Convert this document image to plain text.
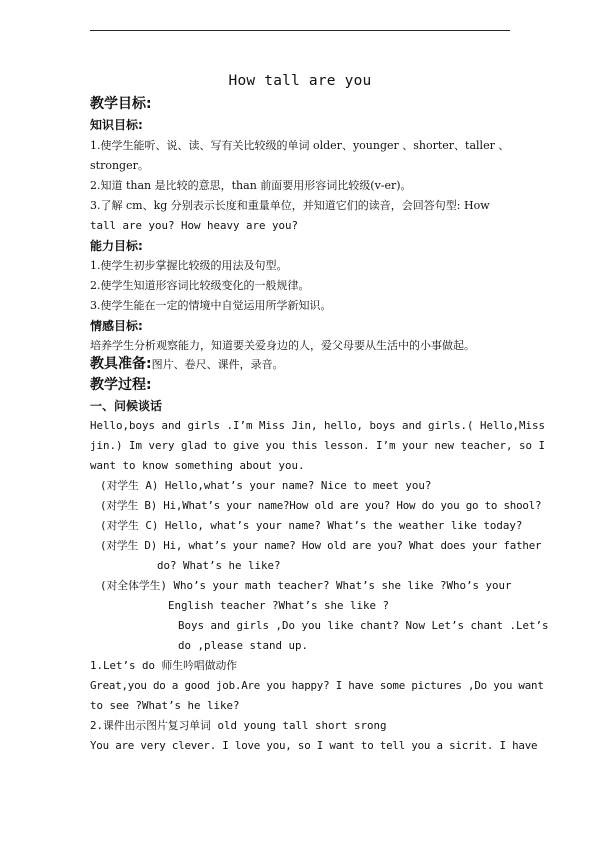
How tall are you
教学目标:
知识目标:
1.使学生能听、说、读、写有关比较级的单词 older、younger 、shorter、taller 、
stronger。
2.知道 than 是比较的意思，than 前面要用形容词比较级(v-er)。
3.了解 cm、kg 分别表示长度和重量单位，并知道它们的读音，会回答句型: How
tall are you? How heavy are you?
能力目标:
1.使学生初步掌握比较级的用法及句型。
2.使学生知道形容词比较级变化的一般规律。
3.使学生能在一定的情境中自觉运用所学新知识。
情感目标:
培养学生分析观察能力，知道要关爱身边的人，爱父母要从生活中的小事做起。
教具准备:图片、卷尺、课件，录音。
教学过程:
一、问候谈话
Hello,boys and girls .I’m Miss Jin, hello, boys and girls.( Hello,Miss
jin.) Im very glad to give you this lesson. I’m your new teacher, so I
want to know something about you.
(对学生 A) Hello,what’s your name? Nice to meet you?
(对学生 B) Hi,What’s your name?How old are you? How do you go to shool?
(对学生 C) Hello, what’s your name? What’s the weather like today?
(对学生 D) Hi, what’s your name? How old are you? What does your father
do? What’s he like?
(对全体学生) Who’s your math teacher? What’s she like ?Who’s your
English teacher ?What’s she like ?
Boys and girls ,Do you like chant? Now Let’s chant .Let’s
do ,please stand up.
1.Let’s do 师生吟唱做动作
Great,you do a good job.Are you happy? I have some pictures ,Do you want
to see ?What’s he like?
2.课件出示图片复习单词 old young tall short srong
You are very clever. I love you, so I want to tell you a sicrit. I have
